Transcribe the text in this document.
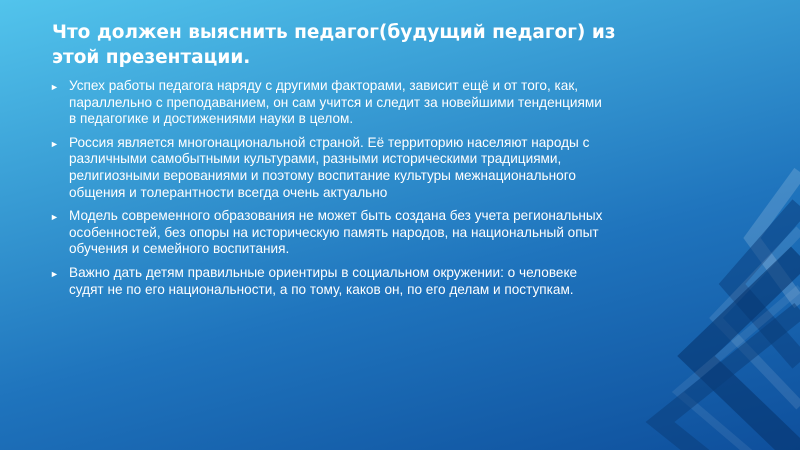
Что должен выяснить педагог(будущий педагог) из этой презентации.
► Успех работы педагога наряду с другими факторами, зависит ещё и от того, как, параллельно с преподаванием, он сам учится и следит за новейшими тенденциями в педагогике и достижениями науки в целом.
► Россия является многонациональной страной. Её территорию населяют народы с различными самобытными культурами, разными историческими традициями, религиозными верованиями и поэтому воспитание культуры межнационального общения и толерантности всегда очень актуально
► Модель современного образования не может быть создана без учета региональных особенностей, без опоры на историческую память народов, на национальный опыт обучения и семейного воспитания.
► Важно дать детям правильные ориентиры в социальном окружении: о человеке судят не по его национальности, а по тому, каков он, по его делам и поступкам.
